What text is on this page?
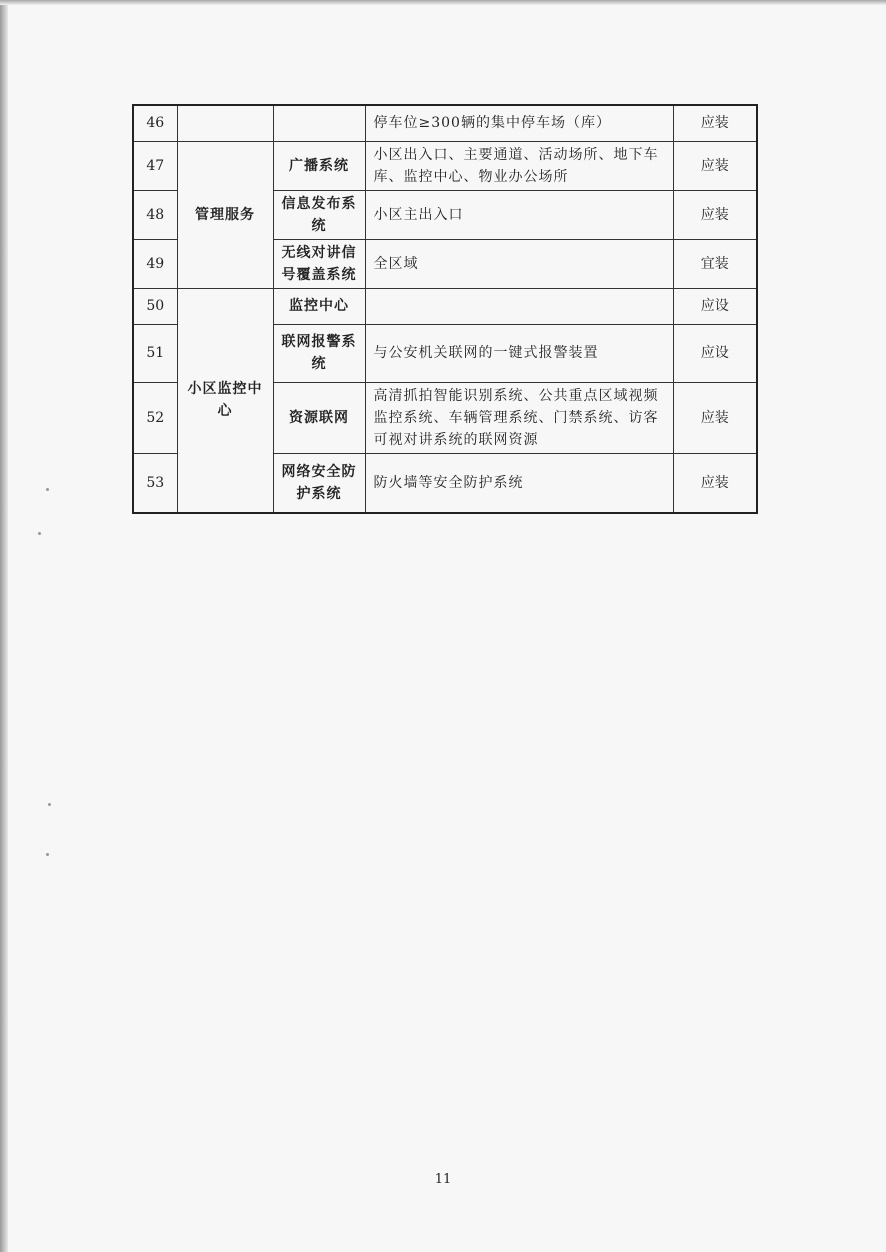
46			停车位≥300辆的集中停车场（库）	应装
47	管理服务	广播系统	小区出入口、主要通道、活动场所、地下车库、监控中心、物业办公场所	应装
48		信息发布系统	小区主出入口	应装
49		无线对讲信号覆盖系统	全区域	宜装
50	小区监控中心	监控中心		应设
51		联网报警系统	与公安机关联网的一键式报警装置	应设
52		资源联网	高清抓拍智能识别系统、公共重点区域视频监控系统、车辆管理系统、门禁系统、访客可视对讲系统的联网资源	应装
53		网络安全防护系统	防火墙等安全防护系统	应装
11
